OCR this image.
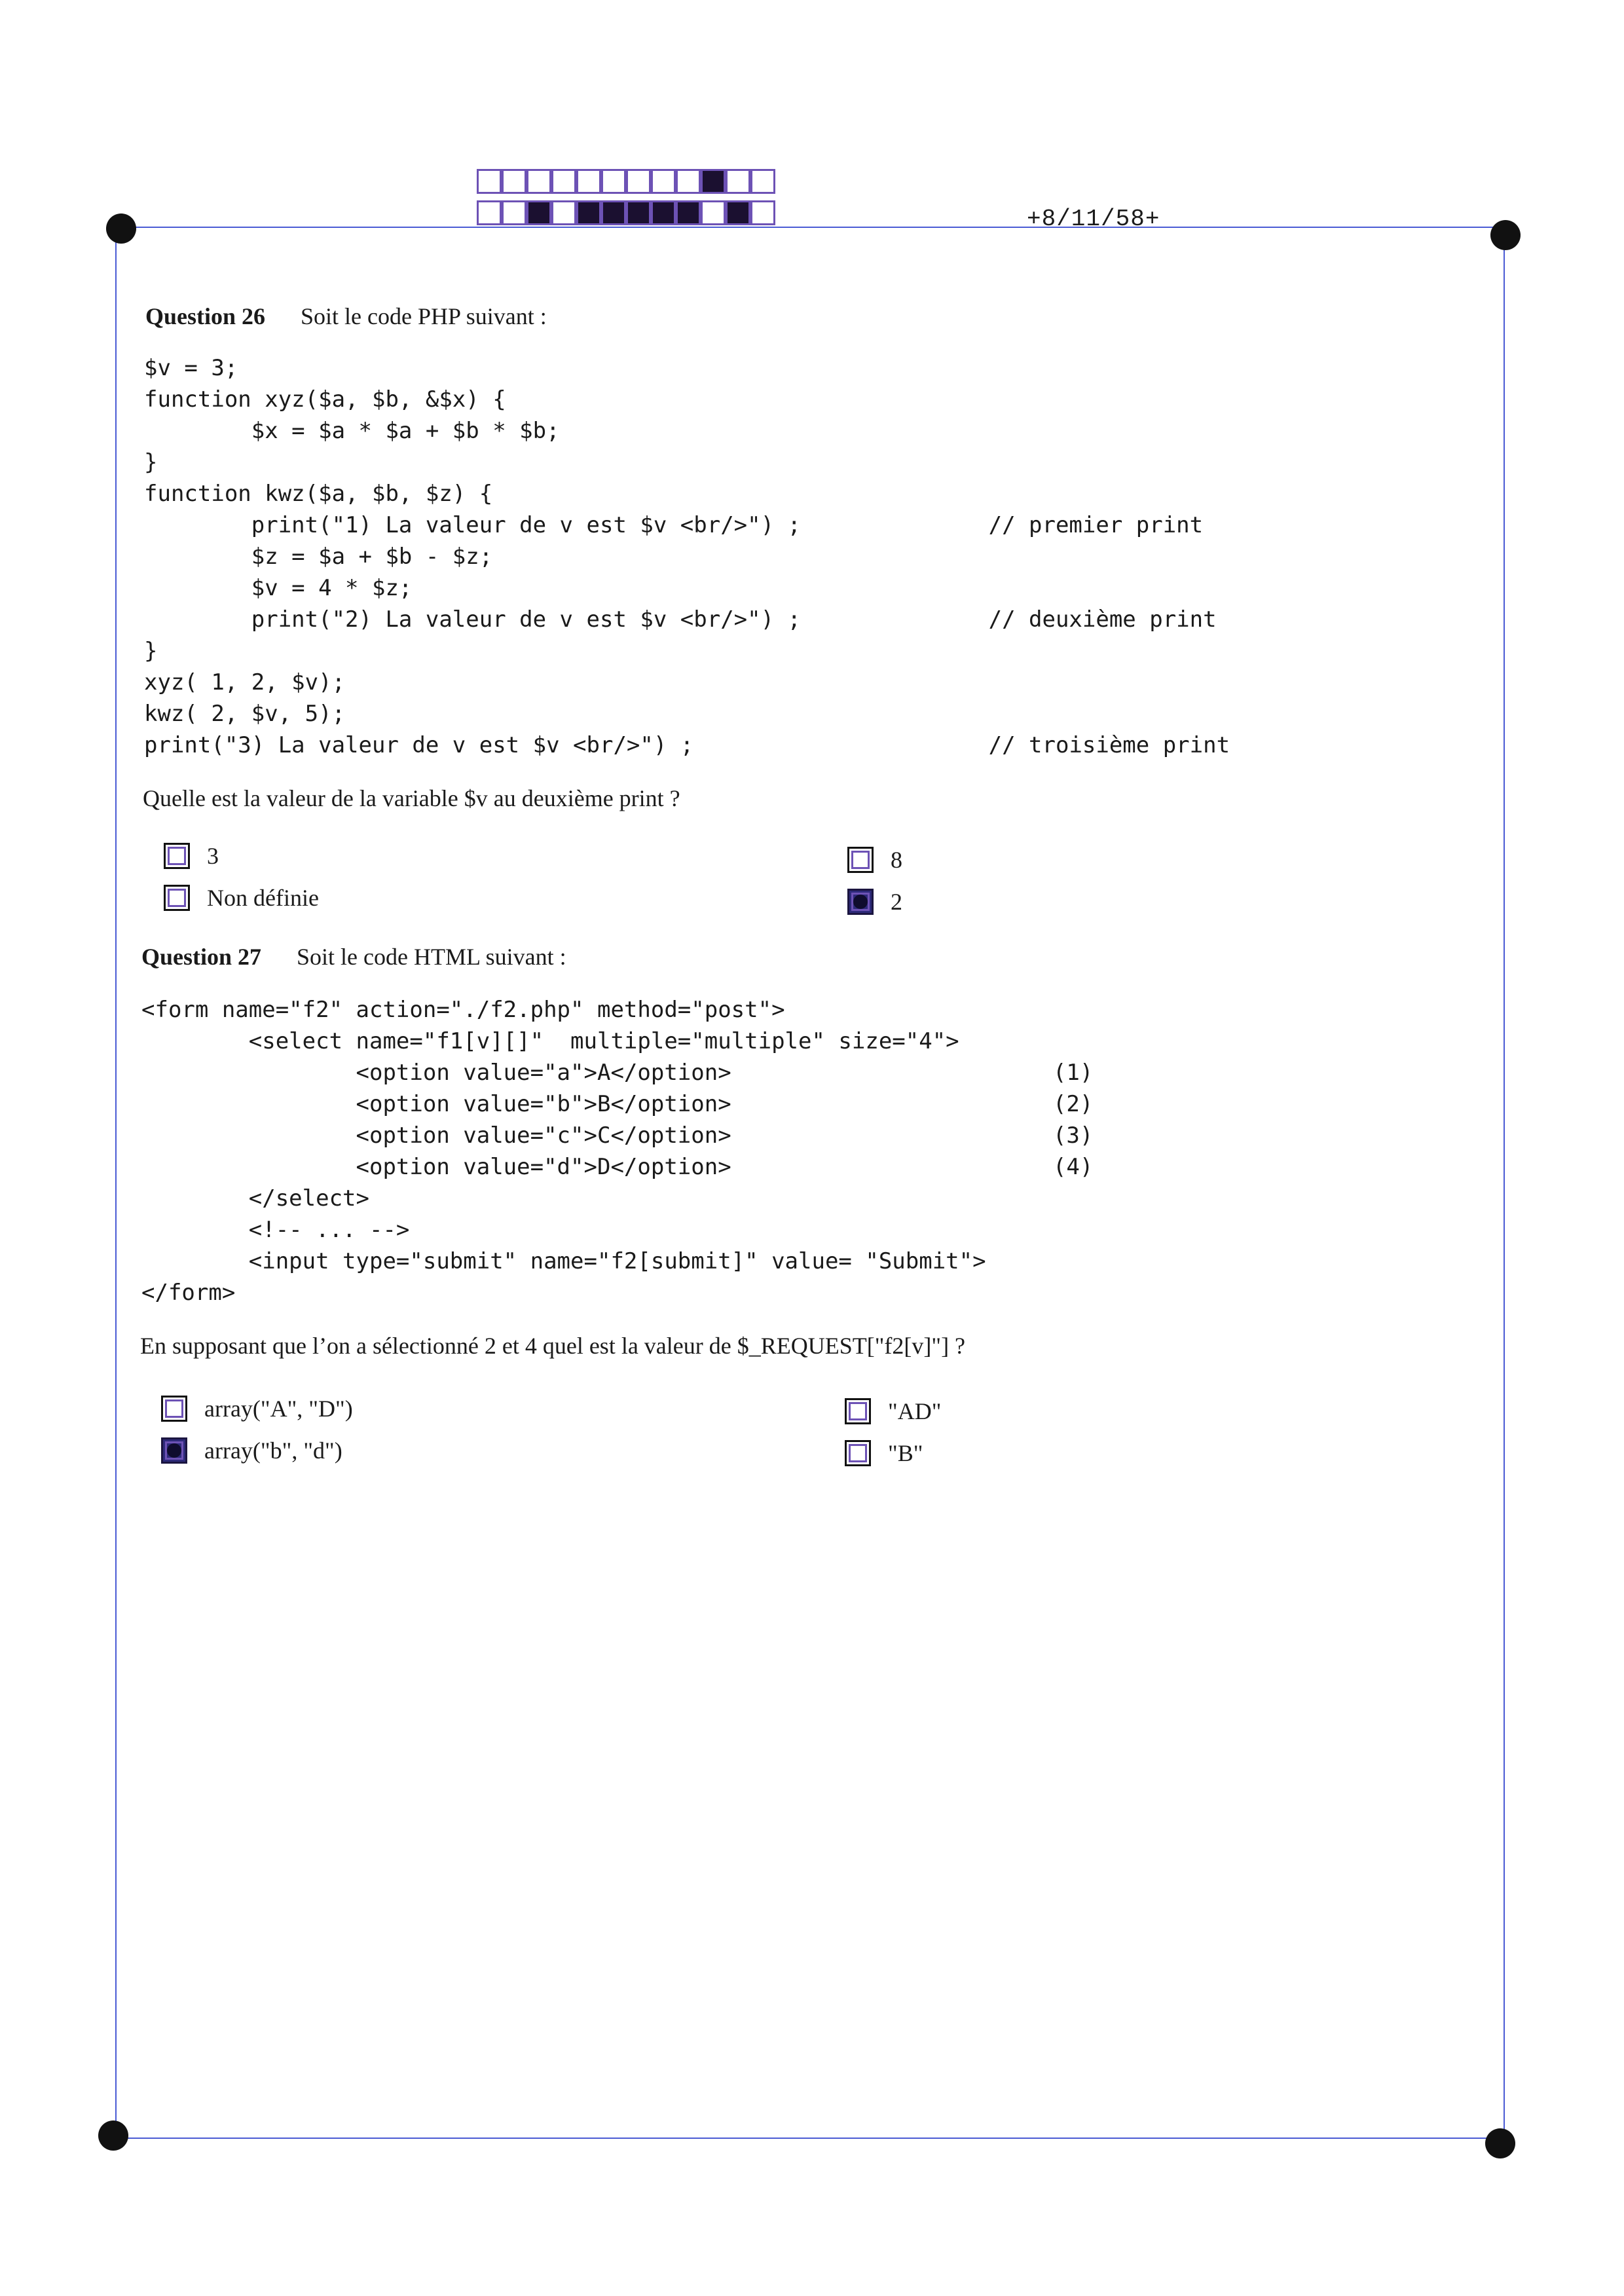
+8/11/58+
Question 26 Soit le code PHP suivant :
$v = 3;
function xyz($a, $b, &$x) {
$x = $a * $a + $b * $b;
}
function kwz($a, $b, $z) {
print("1) La valeur de v est $v <br/>") ;              // premier print
$z = $a + $b - $z;
$v = 4 * $z;
print("2) La valeur de v est $v <br/>") ;              // deuxième print
}
xyz( 1, 2, $v);
kwz( 2, $v, 5);
print("3) La valeur de v est $v <br/>") ;                      // troisième print
Quelle est la valeur de la variable $v au deuxième print ?
3
Non définie
8
2
Question 27 Soit le code HTML suivant :
<form name="f2" action="./f2.php" method="post">
<select name="f1[v][]"  multiple="multiple" size="4">
<option value="a">A</option>                        (1)
<option value="b">B</option>                        (2)
<option value="c">C</option>                        (3)
<option value="d">D</option>                        (4)
</select>
<!-- ... -->
<input type="submit" name="f2[submit]" value= "Submit">
</form>
En supposant que l’on a sélectionné 2 et 4 quel est la valeur de $_REQUEST["f2[v]"] ?
array("A", "D")
array("b", "d")
"AD"
"B"
